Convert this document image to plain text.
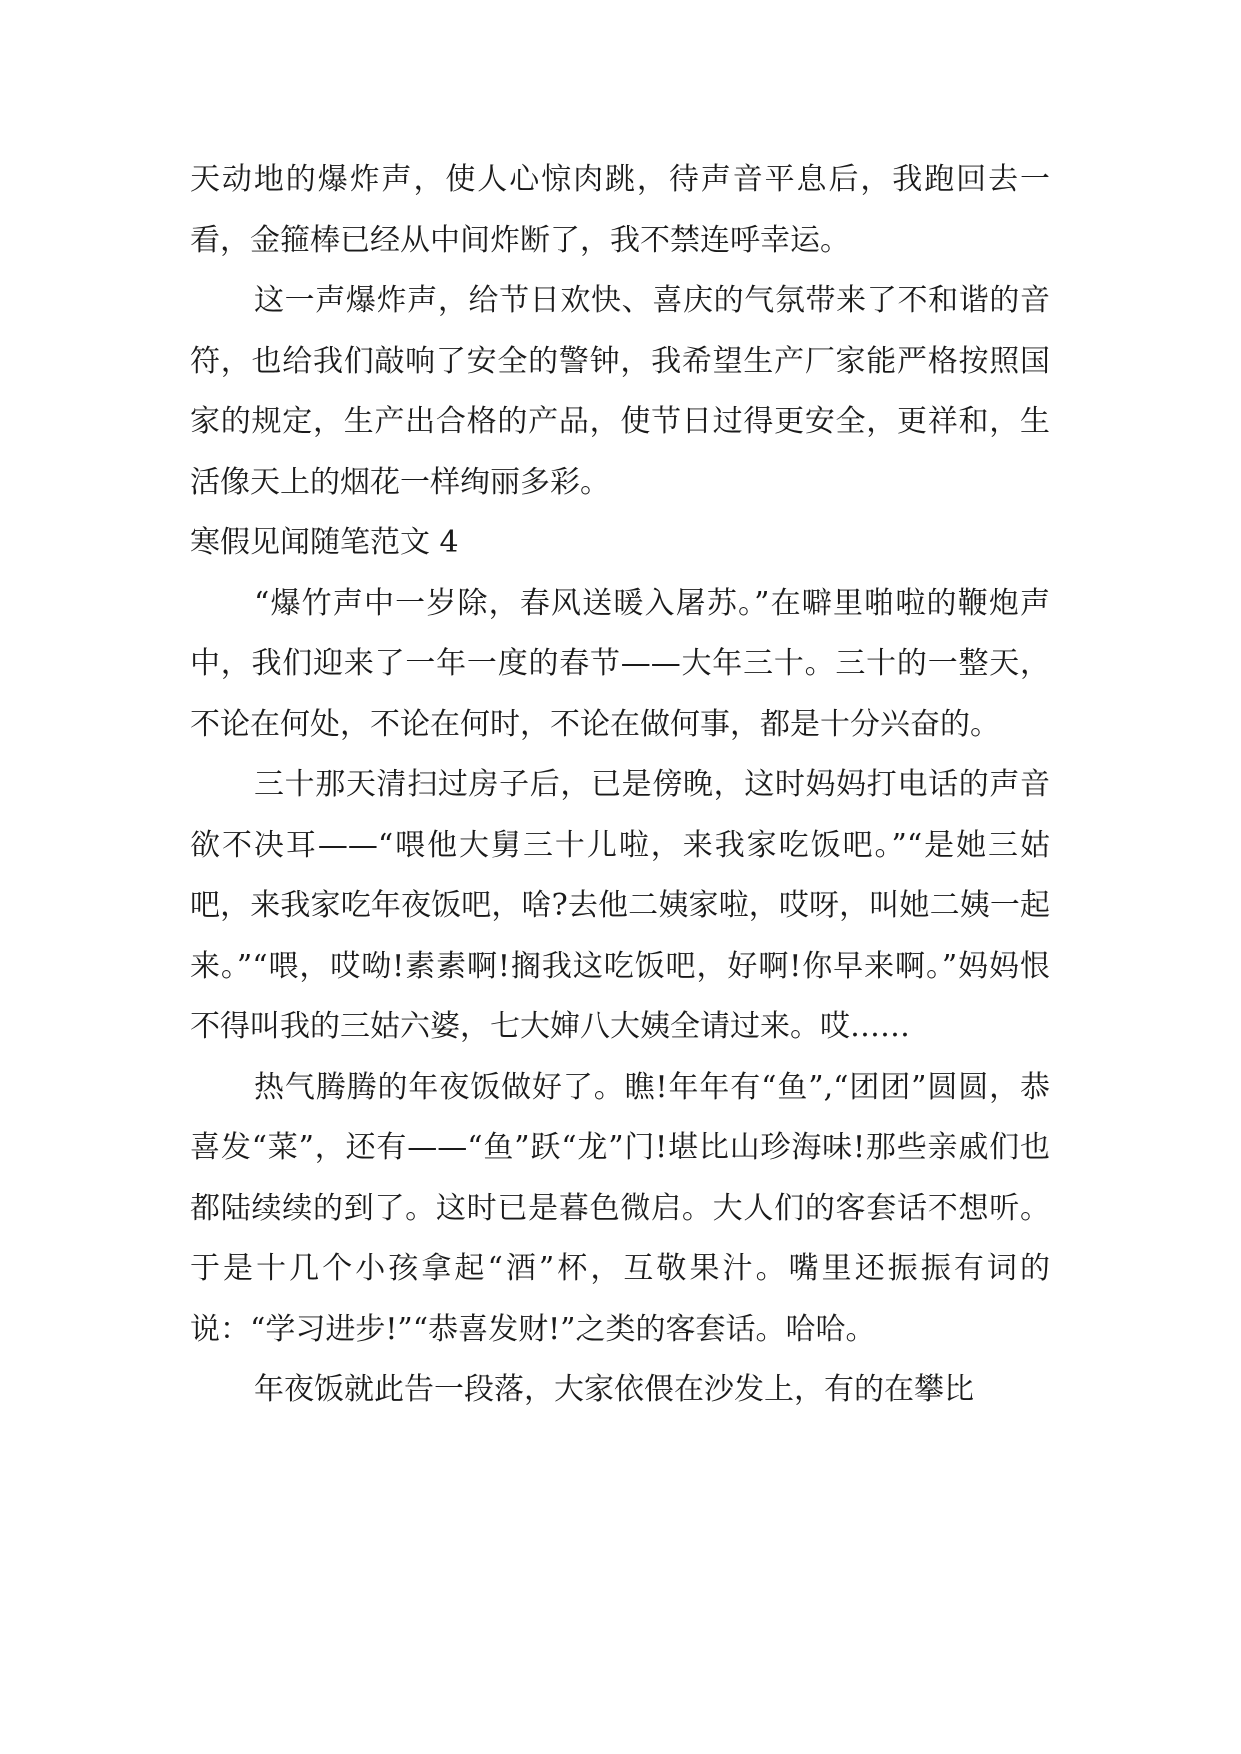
天动地的爆炸声，使人心惊肉跳，待声音平息后，我跑回去一看，金箍棒已经从中间炸断了，我不禁连呼幸运。

这一声爆炸声，给节日欢快、喜庆的气氛带来了不和谐的音符，也给我们敲响了安全的警钟，我希望生产厂家能严格按照国家的规定，生产出合格的产品，使节日过得更安全，更祥和，生活像天上的烟花一样绚丽多彩。

寒假见闻随笔范文 4

“爆竹声中一岁除，春风送暖入屠苏。”在噼里啪啦的鞭炮声中，我们迎来了一年一度的春节——大年三十。三十的一整天，不论在何处，不论在何时，不论在做何事，都是十分兴奋的。

三十那天清扫过房子后，已是傍晚，这时妈妈打电话的声音欲不决耳——“喂他大舅三十儿啦，来我家吃饭吧。”“是她三姑吧，来我家吃年夜饭吧，啥?去他二姨家啦，哎呀，叫她二姨一起来。”“喂，哎呦!素素啊!搁我这吃饭吧，好啊!你早来啊。”妈妈恨不得叫我的三姑六婆，七大婶八大姨全请过来。哎……

热气腾腾的年夜饭做好了。瞧!年年有“鱼”,“团团”圆圆，恭喜发“菜”，还有——“鱼”跃“龙”门!堪比山珍海味!那些亲戚们也都陆续续的到了。这时已是暮色微启。大人们的客套话不想听。于是十几个小孩拿起“酒”杯，互敬果汁。嘴里还振振有词的说：“学习进步!”“恭喜发财!”之类的客套话。哈哈。

年夜饭就此告一段落，大家依偎在沙发上，有的在攀比
